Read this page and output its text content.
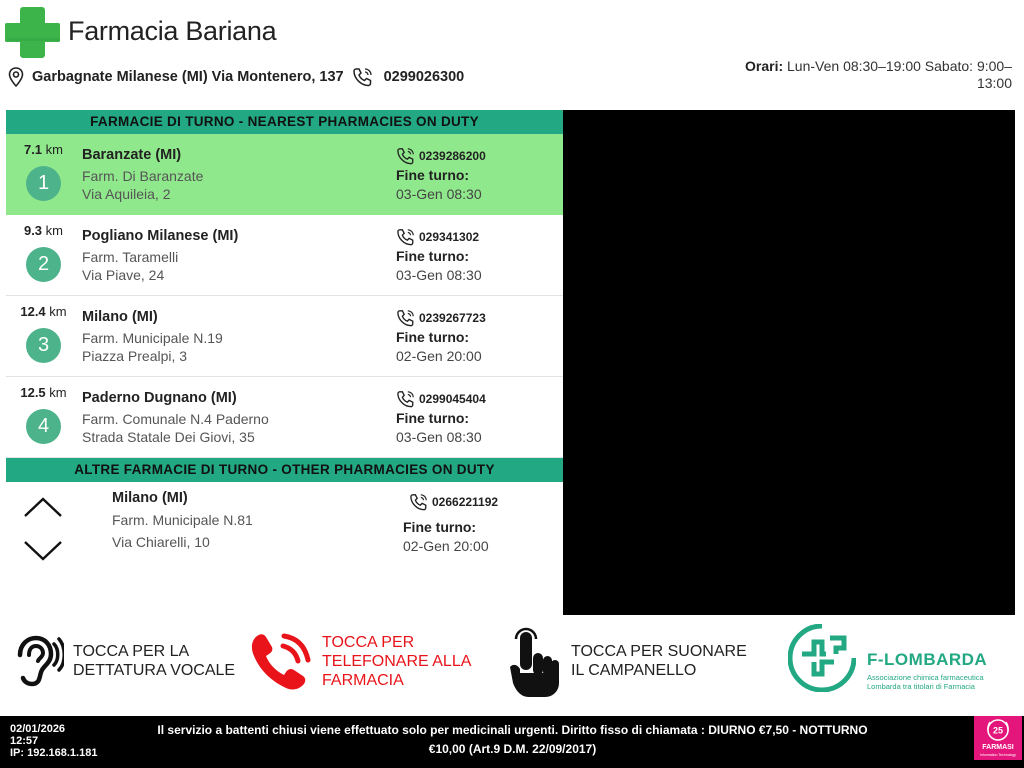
Farmacia Bariana
Garbagnate Milanese (MI) Via Montenero, 137	0299026300
Orari: Lun-Ven 08:30–19:00 Sabato: 9:00–13:00
FARMACIE DI TURNO - NEAREST PHARMACIES ON DUTY
7.1 km
1
Baranzate (MI)
Farm. Di Baranzate
Via Aquileia, 2
0239286200
Fine turno:
03-Gen 08:30
9.3 km
2
Pogliano Milanese (MI)
Farm. Taramelli
Via Piave, 24
029341302
Fine turno:
03-Gen 08:30
12.4 km
3
Milano (MI)
Farm. Municipale N.19
Piazza Prealpi, 3
0239267723
Fine turno:
02-Gen 20:00
12.5 km
4
Paderno Dugnano (MI)
Farm. Comunale N.4 Paderno
Strada Statale Dei Giovi, 35
0299045404
Fine turno:
03-Gen 08:30
ALTRE FARMACIE DI TURNO - OTHER PHARMACIES ON DUTY
Milano (MI)
Farm. Municipale N.81
Via Chiarelli, 10
0266221192
Fine turno:
02-Gen 20:00
TOCCA PER LA
DETTATURA VOCALE
TOCCA PER
TELEFONARE ALLA
FARMACIA
TOCCA PER SUONARE
IL CAMPANELLO
F-LOMBARDA
Associazione chimica farmaceutica
Lombarda tra titolari di Farmacia
02/01/2026
12:57
IP: 192.168.1.181
Il servizio a battenti chiusi viene effettuato solo per medicinali urgenti. Diritto fisso di chiamata : DIURNO €7,50 - NOTTURNO
€10,00 (Art.9 D.M. 22/09/2017)
25
FARMASI
Information Technology
